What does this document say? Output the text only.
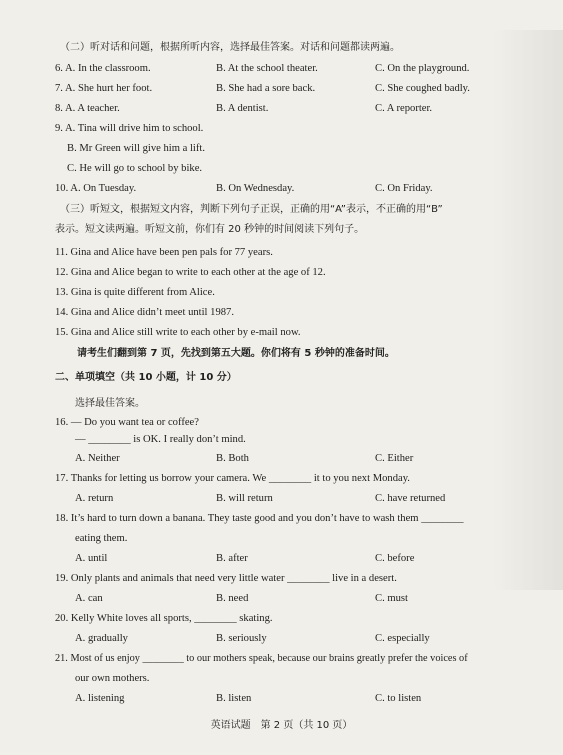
（二）听对话和问题，根据所听内容，选择最佳答案。对话和问题都读两遍。
6. A. In the classroom.	B. At the school theater.	C. On the playground.
7. A. She hurt her foot.	B. She had a sore back.	C. She coughed badly.
8. A. A teacher.	B. A dentist.	C. A reporter.
9. A. Tina will drive him to school.
B. Mr Green will give him a lift.
C. He will go to school by bike.
10. A. On Tuesday.	B. On Wednesday.	C. On Friday.
（三）听短文，根据短文内容，判断下列句子正误，正确的用“A”表示，不正确的用“B”
表示。短文读两遍。听短文前，你们有 20 秒钟的时间阅读下列句子。
11. Gina and Alice have been pen pals for 77 years.
12. Gina and Alice began to write to each other at the age of 12.
13. Gina is quite different from Alice.
14. Gina and Alice didn’t meet until 1987.
15. Gina and Alice still write to each other by e-mail now.
请考生们翻到第 7 页，先找到第五大题。你们将有 5 秒钟的准备时间。
二、单项填空（共 10 小题，计 10 分）
选择最佳答案。
16. — Do you want tea or coffee?
— ________ is OK. I really don’t mind.
A. Neither	B. Both	C. Either
17. Thanks for letting us borrow your camera. We ________ it to you next Monday.
A. return	B. will return	C. have returned
18. It’s hard to turn down a banana. They taste good and you don’t have to wash them ________
eating them.
A. until	B. after	C. before
19. Only plants and animals that need very little water ________ live in a desert.
A. can	B. need	C. must
20. Kelly White loves all sports, ________ skating.
A. gradually	B. seriously	C. especially
21. Most of us enjoy ________ to our mothers speak, because our brains greatly prefer the voices of
our own mothers.
A. listening	B. listen	C. to listen
英语试题　第 2 页（共 10 页）
